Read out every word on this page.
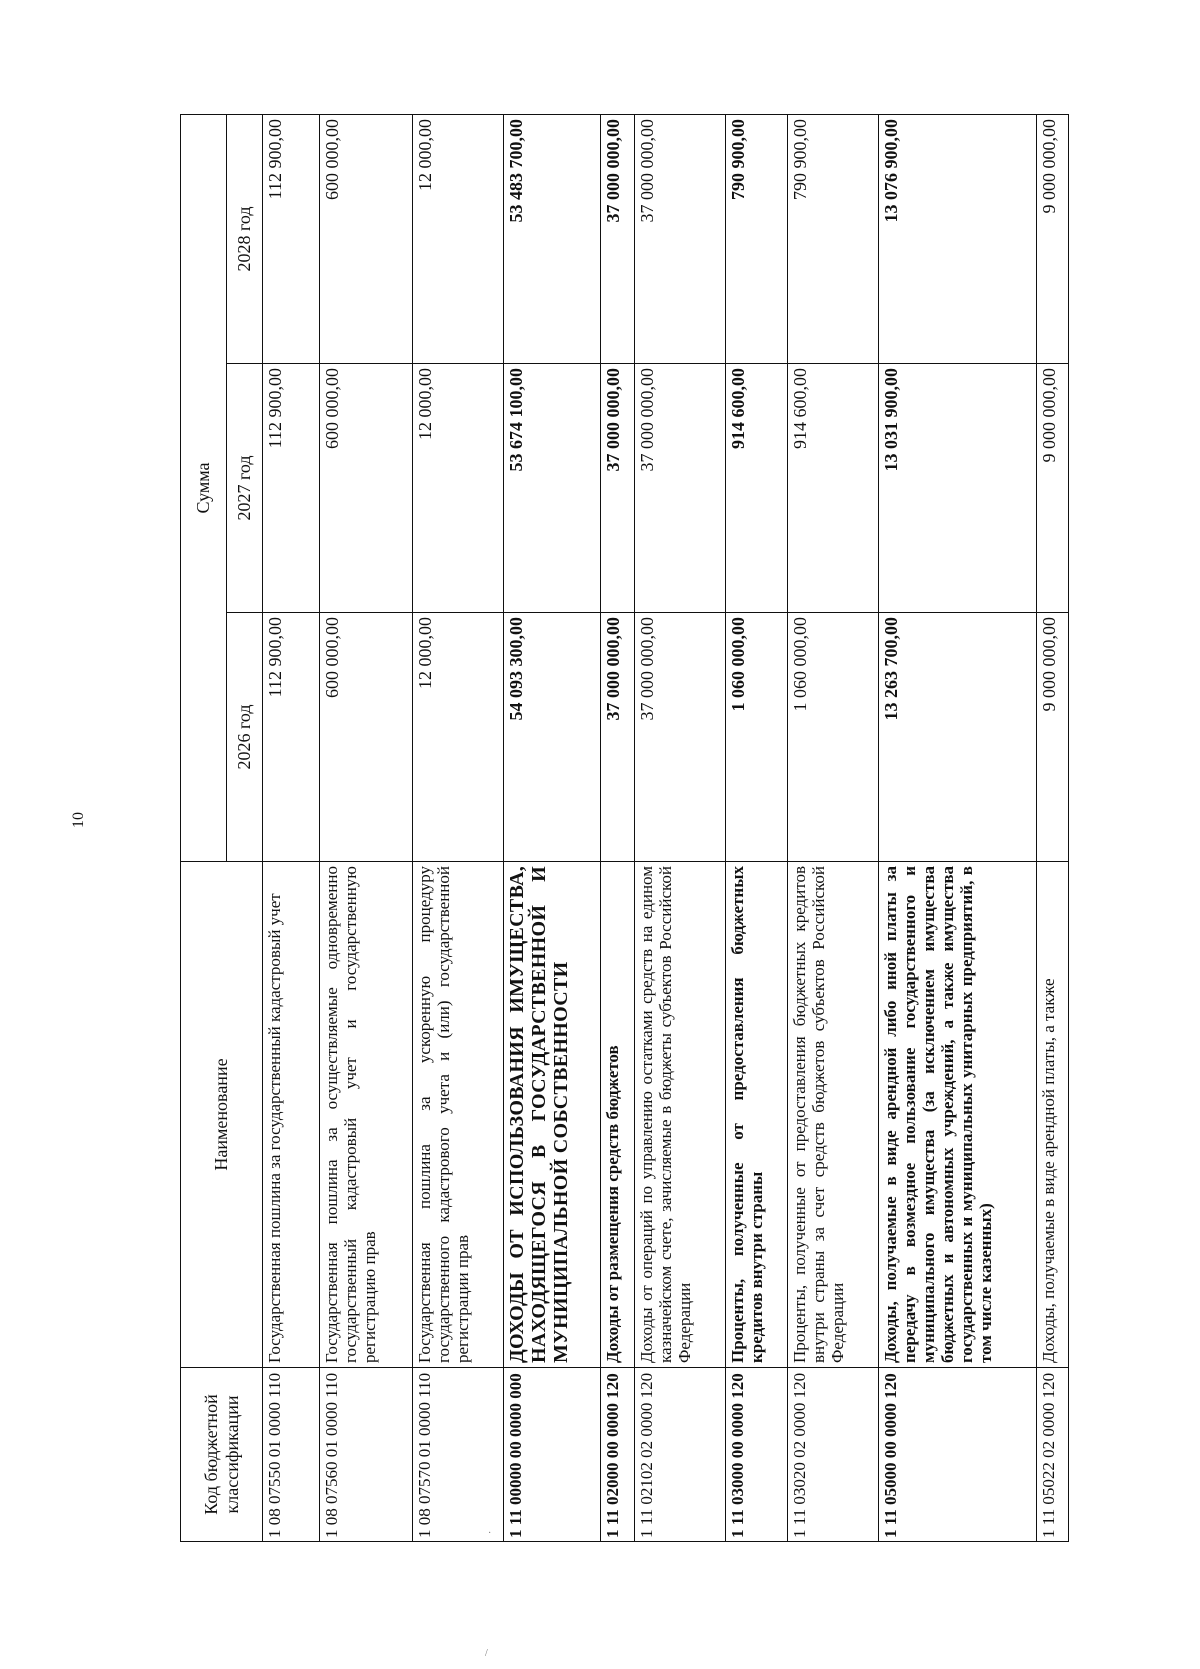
10
·
/
Код бюджетной классификации	Наименование	Сумма		
		2026 год	2027 год	2028 год
1 08 07550 01 0000 110	Государственная пошлина за государственный кадастровый учет	112 900,00	112 900,00	112 900,00
1 08 07560 01 0000 110	Государственная пошлина за осуществляемые одновременно государственный кадастровый учет и государственную регистрацию прав	600 000,00	600 000,00	600 000,00
1 08 07570 01 0000 110	Государственная пошлина за ускоренную процедуру государственного кадастрового учета и (или) государственной регистрации прав	12 000,00	12 000,00	12 000,00
1 11 00000 00 0000 000	ДОХОДЫ ОТ ИСПОЛЬЗОВАНИЯ ИМУЩЕСТВА, НАХОДЯЩЕГОСЯ В ГОСУДАРСТВЕННОЙ И МУНИЦИПАЛЬНОЙ СОБСТВЕННОСТИ	54 093 300,00	53 674 100,00	53 483 700,00
1 11 02000 00 0000 120	Доходы от размещения средств бюджетов	37 000 000,00	37 000 000,00	37 000 000,00
1 11 02102 02 0000 120	Доходы от операций по управлению остатками средств на едином казначейском счете, зачисляемые в бюджеты субъектов Российской Федерации	37 000 000,00	37 000 000,00	37 000 000,00
1 11 03000 00 0000 120	Проценты, полученные от предоставления бюджетных кредитов внутри страны	1 060 000,00	914 600,00	790 900,00
1 11 03020 02 0000 120	Проценты, полученные от предоставления бюджетных кредитов внутри страны за счет средств бюджетов субъектов Российской Федерации	1 060 000,00	914 600,00	790 900,00
1 11 05000 00 0000 120	Доходы, получаемые в виде арендной либо иной платы за передачу в возмездное пользование государственного и муниципального имущества (за исключением имущества бюджетных и автономных учреждений, а также имущества государственных и муниципальных унитарных предприятий, в том числе казенных)	13 263 700,00	13 031 900,00	13 076 900,00
1 11 05022 02 0000 120	Доходы, получаемые в виде арендной платы, а также	9 000 000,00	9 000 000,00	9 000 000,00
